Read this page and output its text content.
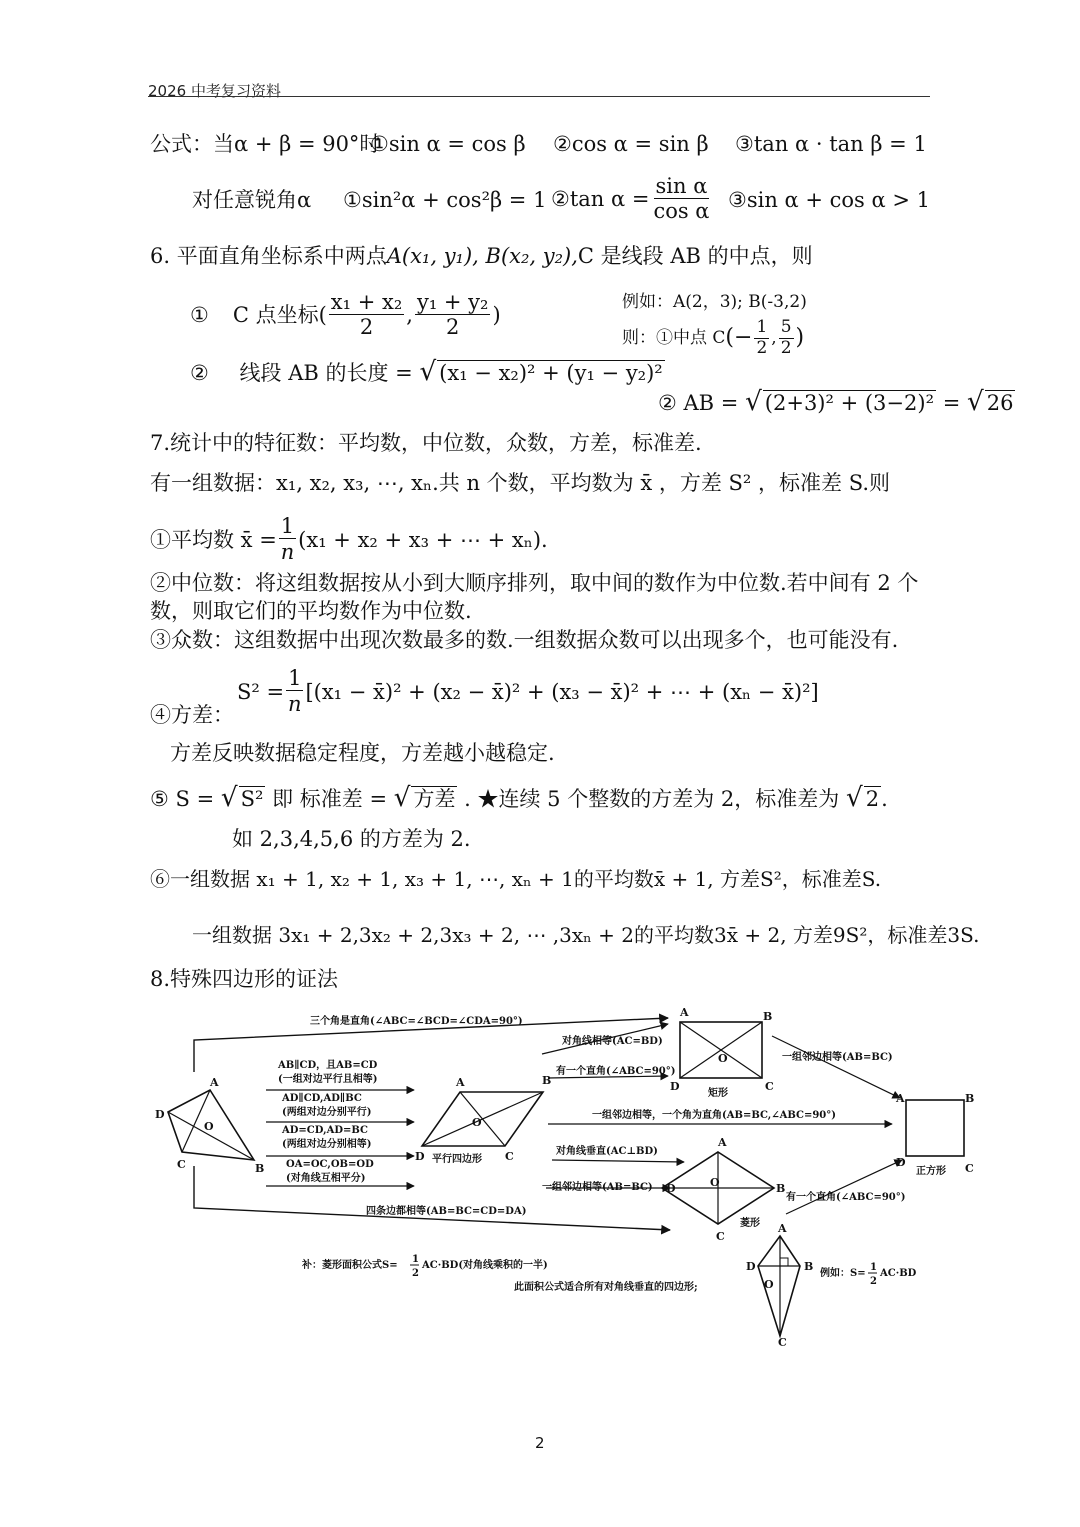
2026 中考复习资料
公式：当α + β = 90°时
①sin α = cos β ②cos α = sin β ③tan α · tan β = 1
对任意锐角α ①sin²α + cos²β = 1 ②tan $\alpha = \frac{\text{sin α}}{\text{cos α}}$ ③sin α + cos α > 1
6. 平面直角坐标系中两点A(x₁, y₁), B(x₂, y₂),C 是线段 AB 的中点，则
① C 点坐标 ( $\frac{\text{x₁ + x₂}}{2}$ , $\frac{\text{y₁ + y₂}}{2}$ )
② 线段 AB 的长度 = √ (x₁ − x₂)² + (y₁ − y₂)²
例如：A(2，3); B(-3,2)
则：①中点 C (− $\frac{1}{2}$ , $\frac{5}{2}$ )
② AB = √ (2+3)² + (3−2)² = √ 26
7.统计中的特征数：平均数，中位数，众数，方差，标准差.
有一组数据：x₁, x₂, x₃, ⋯, xₙ.共 n 个数，平均数为 x̄ ，方差 S² ，标准差 S.则
①平均数 x̄ = $\frac{1}{n} (x_1 + x_2 + x_3$ + ⋯ + xₙ).
②中位数：将这组数据按从小到大顺序排列，取中间的数作为中位数.若中间有 2 个
数，则取它们的平均数作为中位数.
③众数：这组数据中出现次数最多的数.一组数据众数可以出现多个，也可能没有.
$S^2 = \frac{1}{n} [(x_1$ − x̄)² + (x₂ − x̄)² + (x₃ − x̄)² + ⋯ + (xₙ − x̄)²]
④方差：
方差反映数据稳定程度，方差越小越稳定.
⑤ S = √ S² 即 标准差 = √ 方差 . ★连续 5 个整数的方差为 2，标准差为 √ 2.
如 2,3,4,5,6 的方差为 2.
⑥一组数据 x₁ + 1, x₂ + 1, x₃ + 1, ⋯, xₙ + 1的平均数x̄ + 1, 方差S²，标准差S.
一组数据 3x₁ + 2,3x₂ + 2,3x₃ + 2, ⋯ ,3xₙ + 2的平均数3x̄ + 2, 方差9S²，标准差3S.
8.特殊四边形的证法
三个角是直角(∠ABC=∠BCD=∠CDA=90°)
A
D
C	B
O
AB∥CD，且AB=CD
(一组对边平行且相等)
AD∥CD,AD∥BC
(两组对边分别平行)
AD=CD,AD=BC
(两组对边分别相等)
OA=OC,OB=OD
(对角线互相平分)
A	B
D	C
O
平行四边形
对角线相等(AC=BD)
有一个直角(∠ABC=90°)
A	B
D	C
O
矩形
一组邻边相等(AB=BC)
一组邻边相等，一个角为直角(AB=BC,∠ABC=90°)
A	B
D	C
正方形
对角线垂直(AC⊥BD)
一组邻边相等(AB=BC)
A
B
C
D	O
菱形
有一个直角(∠ABC=90°)
四条边都相等(AB=BC=CD=DA)
补：菱形面积公式S=
1
2
AC·BD(对角线乘积的一半)
此面积公式适合所有对角线垂直的四边形;
A
B
C
D
O
例如：S=
1
2
AC·BD
2
